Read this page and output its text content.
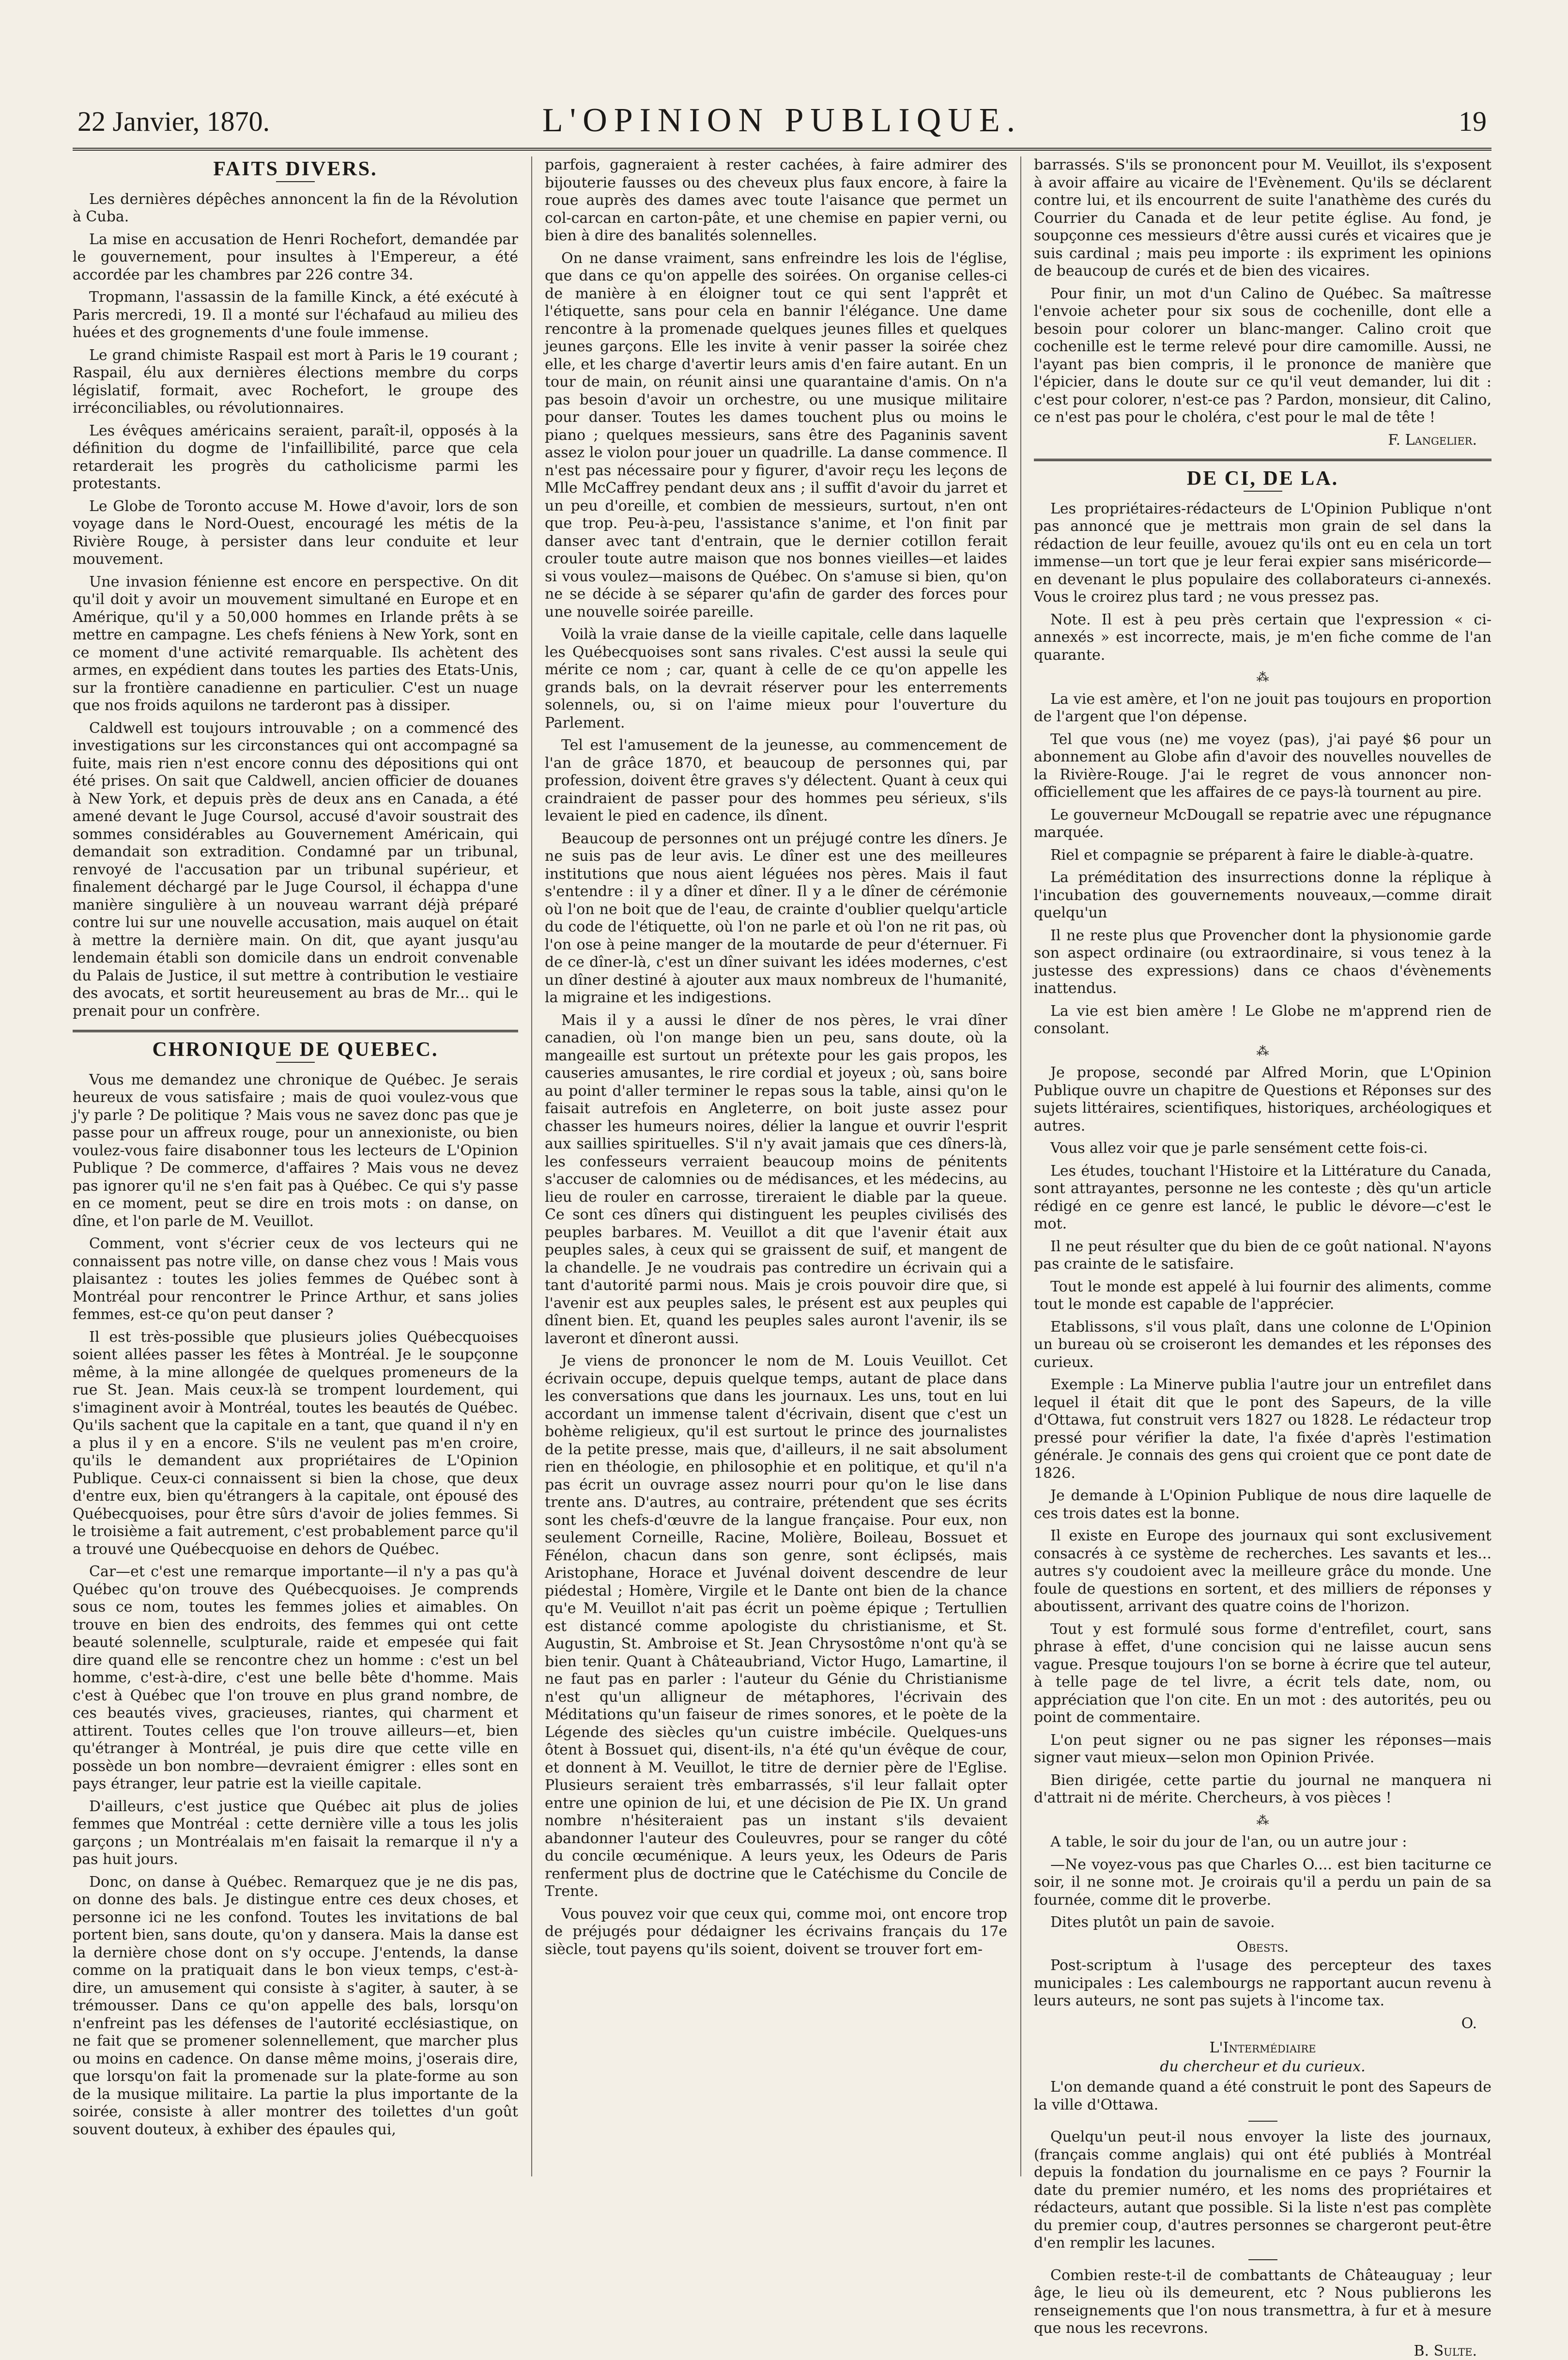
22 Janvier, 1870.	L'OPINION PUBLIQUE.	19
FAITS DIVERS.

Les dernières dépêches annoncent la fin de la Révolution à Cuba.

La mise en accusation de Henri Rochefort, demandée par le gouvernement, pour insultes à l'Empereur, a été accordée par les chambres par 226 contre 34.

Tropmann, l'assassin de la famille Kinck, a été exécuté à Paris mercredi, 19. Il a monté sur l'échafaud au milieu des huées et des grognements d'une foule immense.

Le grand chimiste Raspail est mort à Paris le 19 courant ; Raspail, élu aux dernières élections membre du corps législatif, formait, avec Rochefort, le groupe des irréconciliables, ou révolutionnaires.

Les évêques américains seraient, paraît-il, opposés à la définition du dogme de l'infaillibilité, parce que cela retarderait les progrès du catholicisme parmi les protestants.

Le Globe de Toronto accuse M. Howe d'avoir, lors de son voyage dans le Nord-Ouest, encouragé les métis de la Rivière Rouge, à persister dans leur conduite et leur mouvement.

Une invasion fénienne est encore en perspective. On dit qu'il doit y avoir un mouvement simultané en Europe et en Amérique, qu'il y a 50,000 hommes en Irlande prêts à se mettre en campagne. Les chefs féniens à New York, sont en ce moment d'une activité remarquable. Ils achètent des armes, en expédient dans toutes les parties des Etats-Unis, sur la frontière canadienne en particulier. C'est un nuage que nos froids aquilons ne tarderont pas à dissiper.

Caldwell est toujours introuvable ; on a commencé des investigations sur les circonstances qui ont accompagné sa fuite, mais rien n'est encore connu des dépositions qui ont été prises. On sait que Caldwell, ancien officier de douanes à New York, et depuis près de deux ans en Canada, a été amené devant le Juge Coursol, accusé d'avoir soustrait des sommes considérables au Gouvernement Américain, qui demandait son extradition. Condamné par un tribunal, renvoyé de l'accusation par un tribunal supérieur, et finalement déchargé par le Juge Coursol, il échappa d'une manière singulière à un nouveau warrant déjà préparé contre lui sur une nouvelle accusation, mais auquel on était à mettre la dernière main. On dit, que ayant jusqu'au lendemain établi son domicile dans un endroit convenable du Palais de Justice, il sut mettre à contribution le vestiaire des avocats, et sortit heureusement au bras de Mr... qui le prenait pour un confrère.

CHRONIQUE DE QUEBEC.

Vous me demandez une chronique de Québec. Je serais heureux de vous satisfaire ; mais de quoi voulez-vous que j'y parle ? De politique ? Mais vous ne savez donc pas que je passe pour un affreux rouge, pour un annexioniste, ou bien voulez-vous faire disabonner tous les lecteurs de L'Opinion Publique ? De commerce, d'affaires ? Mais vous ne devez pas ignorer qu'il ne s'en fait pas à Québec. Ce qui s'y passe en ce moment, peut se dire en trois mots : on danse, on dîne, et l'on parle de M. Veuillot.

Comment, vont s'écrier ceux de vos lecteurs qui ne connaissent pas notre ville, on danse chez vous ! Mais vous plaisantez : toutes les jolies femmes de Québec sont à Montréal pour rencontrer le Prince Arthur, et sans jolies femmes, est-ce qu'on peut danser ?

Il est très-possible que plusieurs jolies Québecquoises soient allées passer les fêtes à Montréal. Je le soupçonne même, à la mine allongée de quelques promeneurs de la rue St. Jean. Mais ceux-là se trompent lourdement, qui s'imaginent avoir à Montréal, toutes les beautés de Québec. Qu'ils sachent que la capitale en a tant, que quand il n'y en a plus il y en a encore. S'ils ne veulent pas m'en croire, qu'ils le demandent aux propriétaires de L'Opinion Publique. Ceux-ci connaissent si bien la chose, que deux d'entre eux, bien qu'étrangers à la capitale, ont épousé des Québecquoises, pour être sûrs d'avoir de jolies femmes. Si le troisième a fait autrement, c'est probablement parce qu'il a trouvé une Québecquoise en dehors de Québec.

Car—et c'est une remarque importante—il n'y a pas qu'à Québec qu'on trouve des Québecquoises. Je comprends sous ce nom, toutes les femmes jolies et aimables. On trouve en bien des endroits, des femmes qui ont cette beauté solennelle, sculpturale, raide et empesée qui fait dire quand elle se rencontre chez un homme : c'est un bel homme, c'est-à-dire, c'est une belle bête d'homme. Mais c'est à Québec que l'on trouve en plus grand nombre, de ces beautés vives, gracieuses, riantes, qui charment et attirent. Toutes celles que l'on trouve ailleurs—et, bien qu'étranger à Montréal, je puis dire que cette ville en possède un bon nombre—devraient émigrer : elles sont en pays étranger, leur patrie est la vieille capitale.

D'ailleurs, c'est justice que Québec ait plus de jolies femmes que Montréal : cette dernière ville a tous les jolis garçons ; un Montréalais m'en faisait la remarque il n'y a pas huit jours.

Donc, on danse à Québec. Remarquez que je ne dis pas, on donne des bals. Je distingue entre ces deux choses, et personne ici ne les confond. Toutes les invitations de bal portent bien, sans doute, qu'on y dansera. Mais la danse est la dernière chose dont on s'y occupe. J'entends, la danse comme on la pratiquait dans le bon vieux temps, c'est-à-dire, un amusement qui consiste à s'agiter, à sauter, à se trémousser. Dans ce qu'on appelle des bals, lorsqu'on n'enfreint pas les défenses de l'autorité ecclésiastique, on ne fait que se promener solennellement, que marcher plus ou moins en cadence. On danse même moins, j'oserais dire, que lorsqu'on fait la promenade sur la plate-forme au son de la musique militaire. La partie la plus importante de la soirée, consiste à aller montrer des toilettes d'un goût souvent douteux, à exhiber des épaules qui,

parfois, gagneraient à rester cachées, à faire admirer des bijouterie fausses ou des cheveux plus faux encore, à faire la roue auprès des dames avec toute l'aisance que permet un col-carcan en carton-pâte, et une chemise en papier verni, ou bien à dire des banalités solennelles.

On ne danse vraiment, sans enfreindre les lois de l'église, que dans ce qu'on appelle des soirées. On organise celles-ci de manière à en éloigner tout ce qui sent l'apprêt et l'étiquette, sans pour cela en bannir l'élégance. Une dame rencontre à la promenade quelques jeunes filles et quelques jeunes garçons. Elle les invite à venir passer la soirée chez elle, et les charge d'avertir leurs amis d'en faire autant. En un tour de main, on réunit ainsi une quarantaine d'amis. On n'a pas besoin d'avoir un orchestre, ou une musique militaire pour danser. Toutes les dames touchent plus ou moins le piano ; quelques messieurs, sans être des Paganinis savent assez le violon pour jouer un quadrille. La danse commence. Il n'est pas nécessaire pour y figurer, d'avoir reçu les leçons de Mlle McCaffrey pendant deux ans ; il suffit d'avoir du jarret et un peu d'oreille, et combien de messieurs, surtout, n'en ont que trop. Peu-à-peu, l'assistance s'anime, et l'on finit par danser avec tant d'entrain, que le dernier cotillon ferait crouler toute autre maison que nos bonnes vieilles—et laides si vous voulez—maisons de Québec. On s'amuse si bien, qu'on ne se décide à se séparer qu'afin de garder des forces pour une nouvelle soirée pareille.

Voilà la vraie danse de la vieille capitale, celle dans laquelle les Québecquoises sont sans rivales. C'est aussi la seule qui mérite ce nom ; car, quant à celle de ce qu'on appelle les grands bals, on la devrait réserver pour les enterrements solennels, ou, si on l'aime mieux pour l'ouverture du Parlement.

Tel est l'amusement de la jeunesse, au commencement de l'an de grâce 1870, et beaucoup de personnes qui, par profession, doivent être graves s'y délectent. Quant à ceux qui craindraient de passer pour des hommes peu sérieux, s'ils levaient le pied en cadence, ils dînent.

Beaucoup de personnes ont un préjugé contre les dîners. Je ne suis pas de leur avis. Le dîner est une des meilleures institutions que nous aient léguées nos pères. Mais il faut s'entendre : il y a dîner et dîner. Il y a le dîner de cérémonie où l'on ne boit que de l'eau, de crainte d'oublier quelqu'article du code de l'étiquette, où l'on ne parle et où l'on ne rit pas, où l'on ose à peine manger de la moutarde de peur d'éternuer. Fi de ce dîner-là, c'est un dîner suivant les idées modernes, c'est un dîner destiné à ajouter aux maux nombreux de l'humanité, la migraine et les indigestions.

Mais il y a aussi le dîner de nos pères, le vrai dîner canadien, où l'on mange bien un peu, sans doute, où la mangeaille est surtout un prétexte pour les gais propos, les causeries amusantes, le rire cordial et joyeux ; où, sans boire au point d'aller terminer le repas sous la table, ainsi qu'on le faisait autrefois en Angleterre, on boit juste assez pour chasser les humeurs noires, délier la langue et ouvrir l'esprit aux saillies spirituelles. S'il n'y avait jamais que ces dîners-là, les confesseurs verraient beaucoup moins de pénitents s'accuser de calomnies ou de médisances, et les médecins, au lieu de rouler en carrosse, tireraient le diable par la queue. Ce sont ces dîners qui distinguent les peuples civilisés des peuples barbares. M. Veuillot a dit que l'avenir était aux peuples sales, à ceux qui se graissent de suif, et mangent de la chandelle. Je ne voudrais pas contredire un écrivain qui a tant d'autorité parmi nous. Mais je crois pouvoir dire que, si l'avenir est aux peuples sales, le présent est aux peuples qui dînent bien. Et, quand les peuples sales auront l'avenir, ils se laveront et dîneront aussi.

Je viens de prononcer le nom de M. Louis Veuillot. Cet écrivain occupe, depuis quelque temps, autant de place dans les conversations que dans les journaux. Les uns, tout en lui accordant un immense talent d'écrivain, disent que c'est un bohème religieux, qu'il est surtout le prince des journalistes de la petite presse, mais que, d'ailleurs, il ne sait absolument rien en théologie, en philosophie et en politique, et qu'il n'a pas écrit un ouvrage assez nourri pour qu'on le lise dans trente ans. D'autres, au contraire, prétendent que ses écrits sont les chefs-d'œuvre de la langue française. Pour eux, non seulement Corneille, Racine, Molière, Boileau, Bossuet et Fénélon, chacun dans son genre, sont éclipsés, mais Aristophane, Horace et Juvénal doivent descendre de leur piédestal ; Homère, Virgile et le Dante ont bien de la chance qu'e M. Veuillot n'ait pas écrit un poème épique ; Tertullien est distancé comme apologiste du christianisme, et St. Augustin, St. Ambroise et St. Jean Chrysostôme n'ont qu'à se bien tenir. Quant à Châteaubriand, Victor Hugo, Lamartine, il ne faut pas en parler : l'auteur du Génie du Christianisme n'est qu'un alligneur de métaphores, l'écrivain des Méditations qu'un faiseur de rimes sonores, et le poète de la Légende des siècles qu'un cuistre imbécile. Quelques-uns ôtent à Bossuet qui, disent-ils, n'a été qu'un évêque de cour, et donnent à M. Veuillot, le titre de dernier père de l'Eglise. Plusieurs seraient très embarrassés, s'il leur fallait opter entre une opinion de lui, et une décision de Pie IX. Un grand nombre n'hésiteraient pas un instant s'ils devaient abandonner l'auteur des Couleuvres, pour se ranger du côté du concile œcuménique. A leurs yeux, les Odeurs de Paris renferment plus de doctrine que le Catéchisme du Concile de Trente.

Vous pouvez voir que ceux qui, comme moi, ont encore trop de préjugés pour dédaigner les écrivains français du 17e siècle, tout payens qu'ils soient, doivent se trouver fort em-

barrassés. S'ils se prononcent pour M. Veuillot, ils s'exposent à avoir affaire au vicaire de l'Evènement. Qu'ils se déclarent contre lui, et ils encourrent de suite l'anathème des curés du Courrier du Canada et de leur petite église. Au fond, je soupçonne ces messieurs d'être aussi curés et vicaires que je suis cardinal ; mais peu importe : ils expriment les opinions de beaucoup de curés et de bien des vicaires.

Pour finir, un mot d'un Calino de Québec. Sa maîtresse l'envoie acheter pour six sous de cochenille, dont elle a besoin pour colorer un blanc-manger. Calino croit que cochenille est le terme relevé pour dire camomille. Aussi, ne l'ayant pas bien compris, il le prononce de manière que l'épicier, dans le doute sur ce qu'il veut demander, lui dit : c'est pour colorer, n'est-ce pas ? Pardon, monsieur, dit Calino, ce n'est pas pour le choléra, c'est pour le mal de tête !

F. Langelier.
DE CI, DE LA.

Les propriétaires-rédacteurs de L'Opinion Publique n'ont pas annoncé que je mettrais mon grain de sel dans la rédaction de leur feuille, avouez qu'ils ont eu en cela un tort immense—un tort que je leur ferai expier sans miséricorde—en devenant le plus populaire des collaborateurs ci-annexés. Vous le croirez plus tard ; ne vous pressez pas.

Note. Il est à peu près certain que l'expression « ci-annexés » est incorrecte, mais, je m'en fiche comme de l'an quarante.

⁂

La vie est amère, et l'on ne jouit pas toujours en proportion de l'argent que l'on dépense.

Tel que vous (ne) me voyez (pas), j'ai payé $6 pour un abonnement au Globe afin d'avoir des nouvelles nouvelles de la Rivière-Rouge. J'ai le regret de vous annoncer non-officiellement que les affaires de ce pays-là tournent au pire.

Le gouverneur McDougall se repatrie avec une répugnance marquée.

Riel et compagnie se préparent à faire le diable-à-quatre.

La préméditation des insurrections donne la réplique à l'incubation des gouvernements nouveaux,—comme dirait quelqu'un

Il ne reste plus que Provencher dont la physionomie garde son aspect ordinaire (ou extraordinaire, si vous tenez à la justesse des expressions) dans ce chaos d'évènements inattendus.

La vie est bien amère ! Le Globe ne m'apprend rien de consolant.

⁂

Je propose, secondé par Alfred Morin, que L'Opinion Publique ouvre un chapitre de Questions et Réponses sur des sujets littéraires, scientifiques, historiques, archéologiques et autres.

Vous allez voir que je parle sensément cette fois-ci.

Les études, touchant l'Histoire et la Littérature du Canada, sont attrayantes, personne ne les conteste ; dès qu'un article rédigé en ce genre est lancé, le public le dévore—c'est le mot.

Il ne peut résulter que du bien de ce goût national. N'ayons pas crainte de le satisfaire.

Tout le monde est appelé à lui fournir des aliments, comme tout le monde est capable de l'apprécier.

Etablissons, s'il vous plaît, dans une colonne de L'Opinion un bureau où se croiseront les demandes et les réponses des curieux.

Exemple : La Minerve publia l'autre jour un entrefilet dans lequel il était dit que le pont des Sapeurs, de la ville d'Ottawa, fut construit vers 1827 ou 1828. Le rédacteur trop pressé pour vérifier la date, l'a fixée d'après l'estimation générale. Je connais des gens qui croient que ce pont date de 1826.

Je demande à L'Opinion Publique de nous dire laquelle de ces trois dates est la bonne.

Il existe en Europe des journaux qui sont exclusivement consacrés à ce système de recherches. Les savants et les... autres s'y coudoient avec la meilleure grâce du monde. Une foule de questions en sortent, et des milliers de réponses y aboutissent, arrivant des quatre coins de l'horizon.

Tout y est formulé sous forme d'entrefilet, court, sans phrase à effet, d'une concision qui ne laisse aucun sens vague. Presque toujours l'on se borne à écrire que tel auteur, à telle page de tel livre, a écrit tels date, nom, ou appréciation que l'on cite. En un mot : des autorités, peu ou point de commentaire.

L'on peut signer ou ne pas signer les réponses—mais signer vaut mieux—selon mon Opinion Privée.

Bien dirigée, cette partie du journal ne manquera ni d'attrait ni de mérite. Chercheurs, à vos pièces !

⁂

A table, le soir du jour de l'an, ou un autre jour :

—Ne voyez-vous pas que Charles O.... est bien taciturne ce soir, il ne sonne mot. Je croirais qu'il a perdu un pain de sa fournée, comme dit le proverbe.

Dites plutôt un pain de savoie.

Obests.

Post-scriptum à l'usage des percepteur des taxes municipales : Les calembourgs ne rapportant aucun revenu à leurs auteurs, ne sont pas sujets à l'income tax.

O.
L'Intermédiaire
du chercheur et du curieux.

L'on demande quand a été construit le pont des Sapeurs de la ville d'Ottawa.

Quelqu'un peut-il nous envoyer la liste des journaux, (français comme anglais) qui ont été publiés à Montréal depuis la fondation du journalisme en ce pays ? Fournir la date du premier numéro, et les noms des propriétaires et rédacteurs, autant que possible. Si la liste n'est pas complète du premier coup, d'autres personnes se chargeront peut-être d'en remplir les lacunes.

Combien reste-t-il de combattants de Châteauguay ; leur âge, le lieu où ils demeurent, etc ? Nous publierons les renseignements que l'on nous transmettra, à fur et à mesure que nous les recevrons.

B. Sulte.
